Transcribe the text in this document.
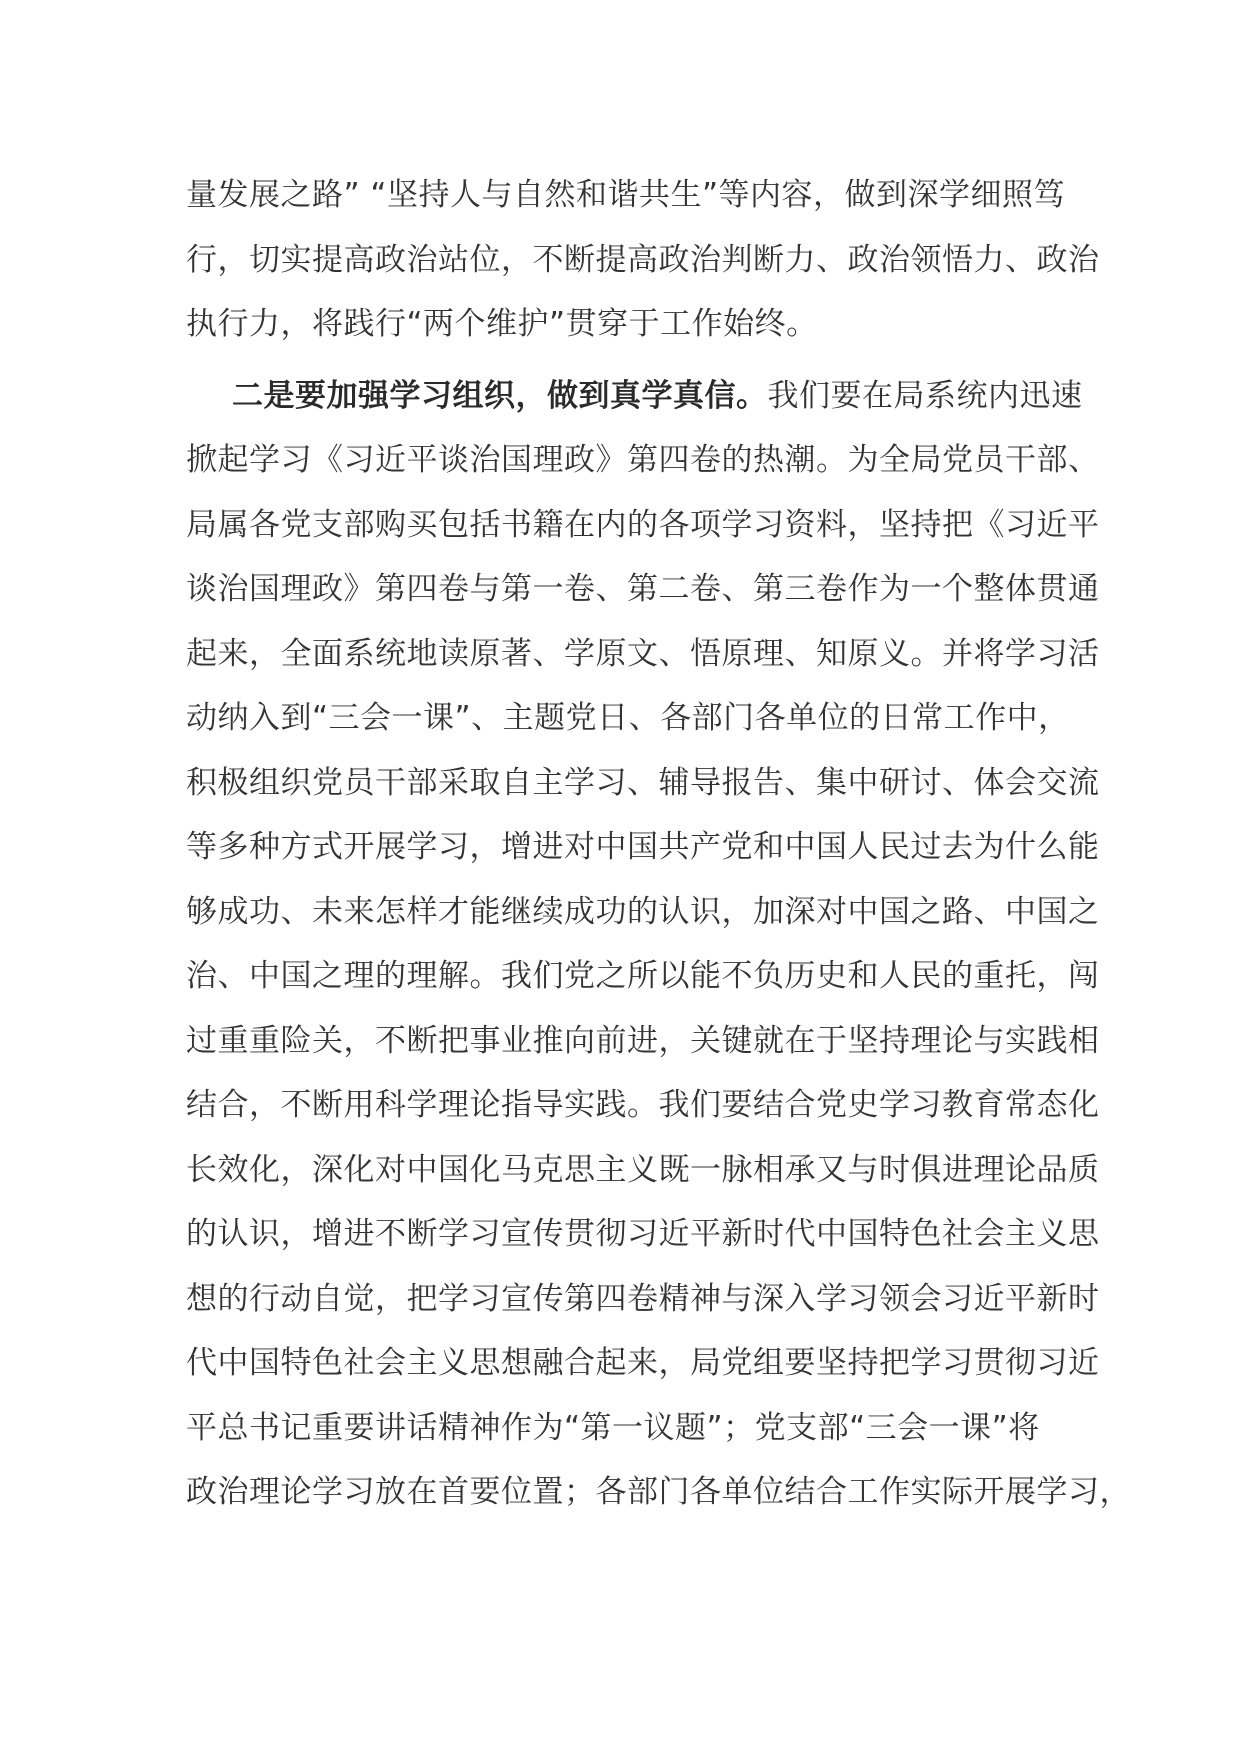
量发展之路” “坚持人与自然和谐共生”等内容，做到深学细照笃
行，切实提高政治站位，不断提高政治判断力、政治领悟力、政治
执行力，将践行“两个维护”贯穿于工作始终。
二是要加强学习组织，做到真学真信。我们要在局系统内迅速
掀起学习《习近平谈治国理政》第四卷的热潮。为全局党员干部、
局属各党支部购买包括书籍在内的各项学习资料，坚持把《习近平
谈治国理政》第四卷与第一卷、第二卷、第三卷作为一个整体贯通
起来，全面系统地读原著、学原文、悟原理、知原义。并将学习活
动纳入到“三会一课”、主题党日、各部门各单位的日常工作中，
积极组织党员干部采取自主学习、辅导报告、集中研讨、体会交流
等多种方式开展学习，增进对中国共产党和中国人民过去为什么能
够成功、未来怎样才能继续成功的认识，加深对中国之路、中国之
治、中国之理的理解。我们党之所以能不负历史和人民的重托，闯
过重重险关，不断把事业推向前进，关键就在于坚持理论与实践相
结合，不断用科学理论指导实践。我们要结合党史学习教育常态化
长效化，深化对中国化马克思主义既一脉相承又与时俱进理论品质
的认识，增进不断学习宣传贯彻习近平新时代中国特色社会主义思
想的行动自觉，把学习宣传第四卷精神与深入学习领会习近平新时
代中国特色社会主义思想融合起来，局党组要坚持把学习贯彻习近
平总书记重要讲话精神作为“第一议题”；党支部“三会一课”将
政治理论学习放在首要位置；各部门各单位结合工作实际开展学习，
